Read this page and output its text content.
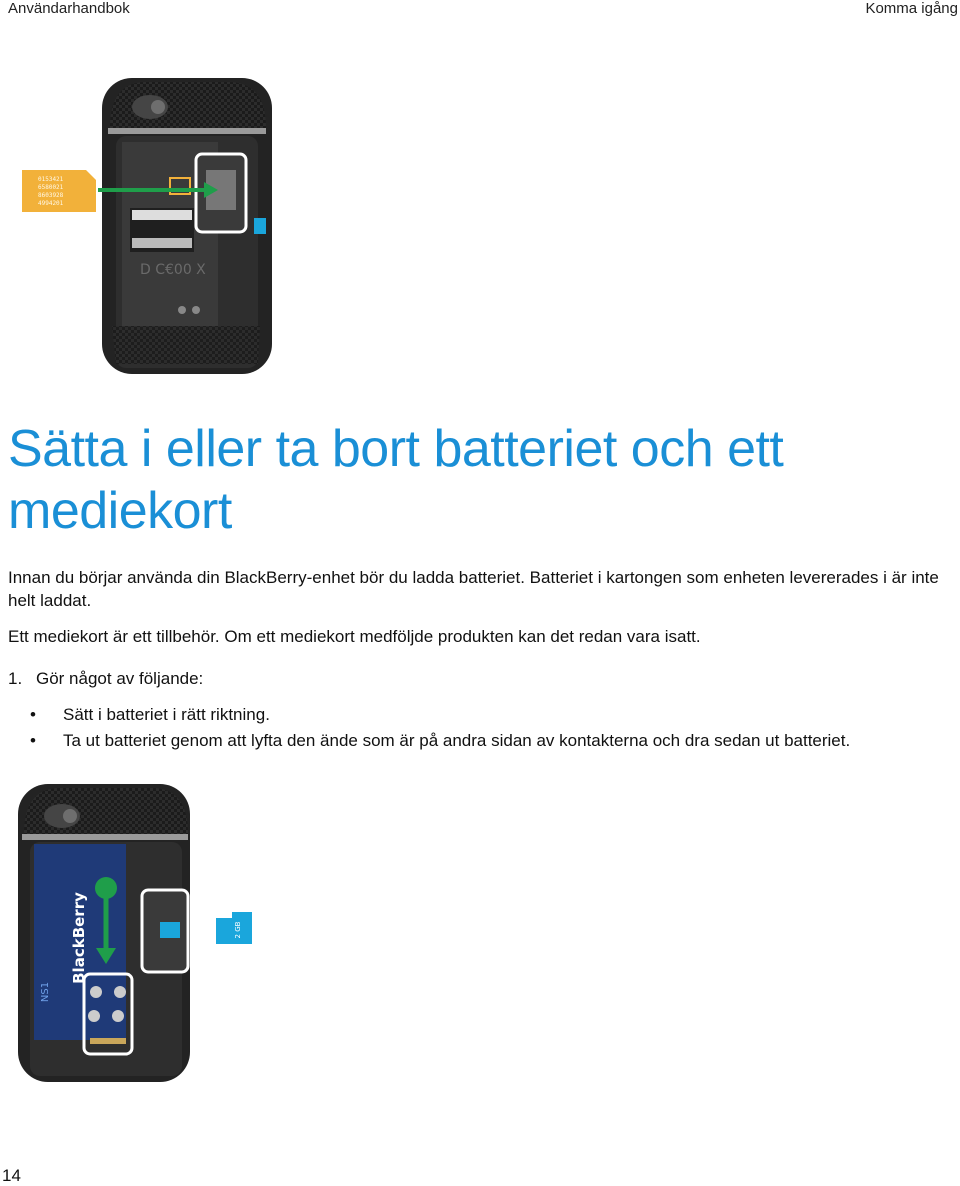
Användarhandbok	Komma igång
D C€00 X
0153421
6580021
8603928
4994201
Sätta i eller ta bort batteriet och ett mediekort

Innan du börjar använda din BlackBerry-enhet bör du ladda batteriet. Batteriet i kartongen som enheten levererades i är inte helt laddat.

Ett mediekort är ett tillbehör. Om ett mediekort medföljde produkten kan det redan vara isatt.

1. Gör något av följande:
• Sätt i batteriet i rätt riktning.
• Ta ut batteriet genom att lyfta den ände som är på andra sidan av kontakterna och dra sedan ut batteriet.
BlackBerry
NS1
2 GB
14
